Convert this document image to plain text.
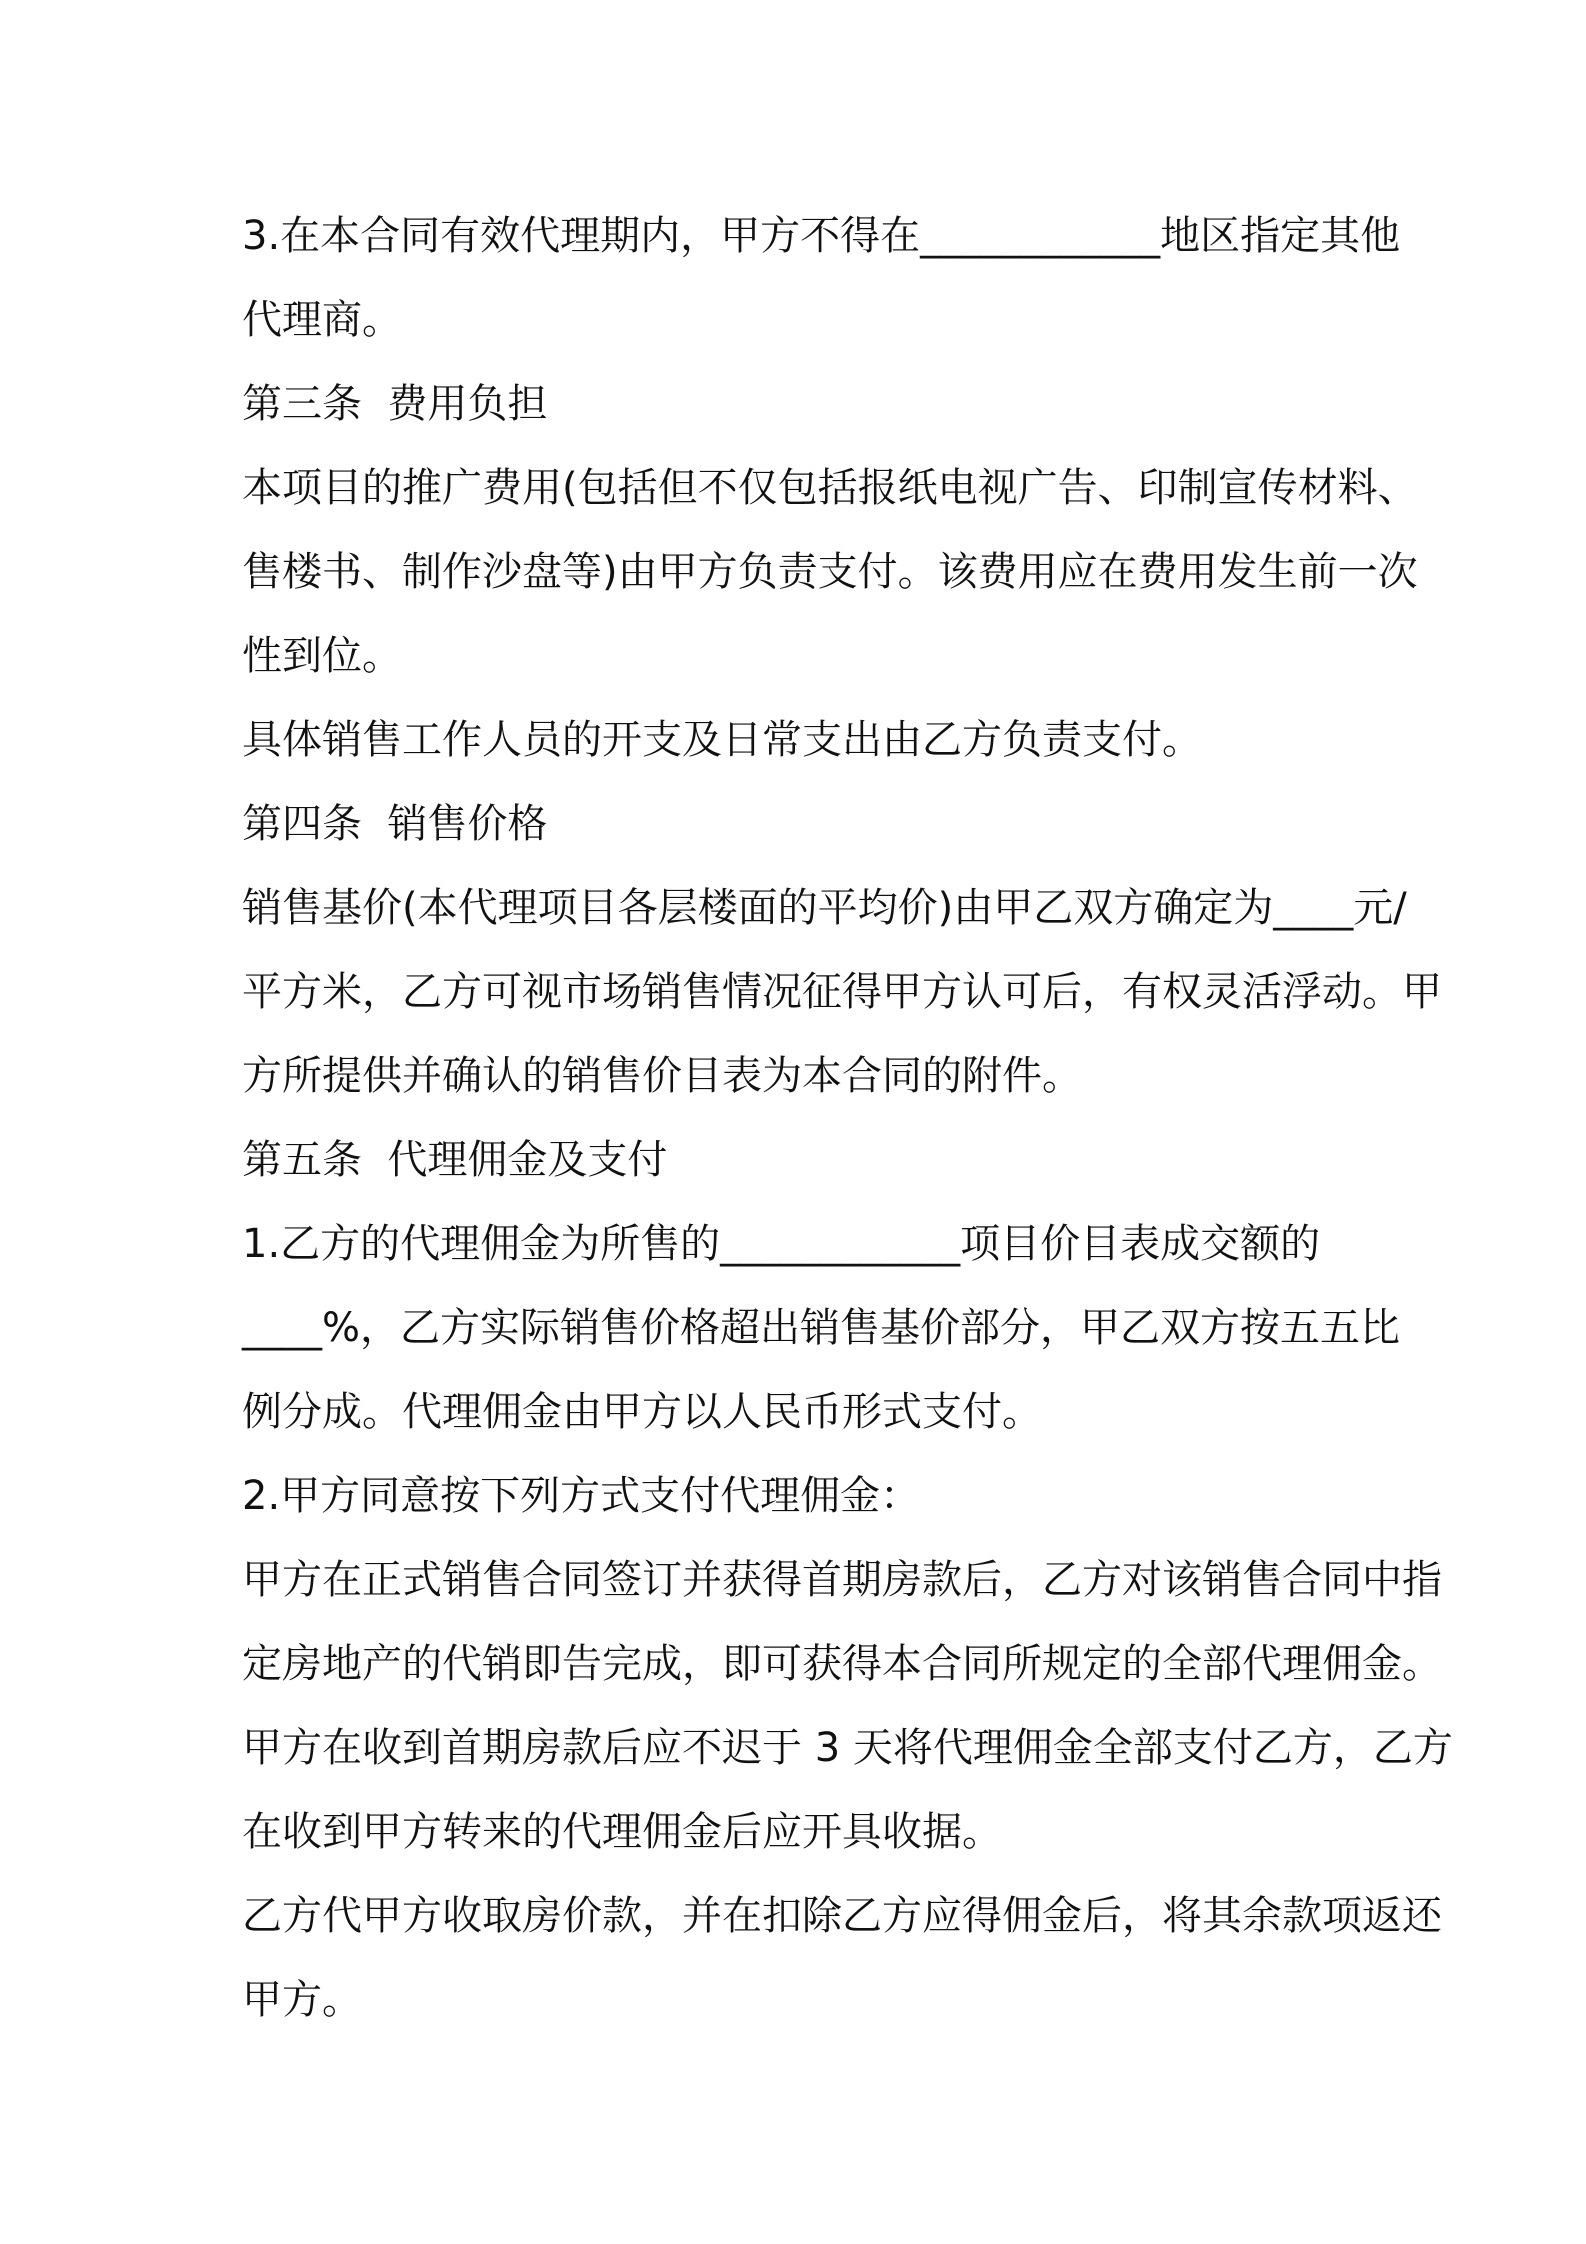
3.在本合同有效代理期内，甲方不得在____________地区指定其他
代理商。

第三条  费用负担

本项目的推广费用(包括但不仅包括报纸电视广告、印制宣传材料、
售楼书、制作沙盘等)由甲方负责支付。该费用应在费用发生前一次
性到位。

具体销售工作人员的开支及日常支出由乙方负责支付。

第四条  销售价格

销售基价(本代理项目各层楼面的平均价)由甲乙双方确定为____元/
平方米，乙方可视市场销售情况征得甲方认可后，有权灵活浮动。甲
方所提供并确认的销售价目表为本合同的附件。

第五条  代理佣金及支付

1.乙方的代理佣金为所售的____________项目价目表成交额的
____%，乙方实际销售价格超出销售基价部分，甲乙双方按五五比
例分成。代理佣金由甲方以人民币形式支付。

2.甲方同意按下列方式支付代理佣金：

甲方在正式销售合同签订并获得首期房款后，乙方对该销售合同中指
定房地产的代销即告完成，即可获得本合同所规定的全部代理佣金。

甲方在收到首期房款后应不迟于 3 天将代理佣金全部支付乙方，乙方
在收到甲方转来的代理佣金后应开具收据。

乙方代甲方收取房价款，并在扣除乙方应得佣金后，将其余款项返还
甲方。
